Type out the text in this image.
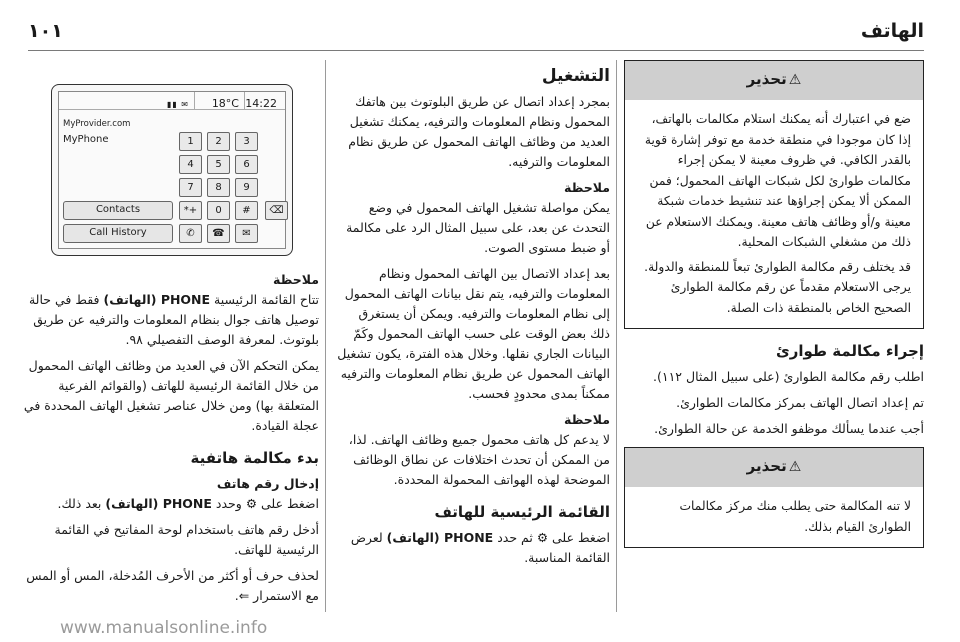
الهاتف
١٠١
⚠تحذير

ضع في اعتبارك أنه يمكنك استلام مكالمات بالهاتف، إذا كان موجودا في منطقة خدمة مع توفر إشارة قوية بالقدر الكافي. في ظروف معينة لا يمكن إجراء مكالمات طوارئ لكل شبكات الهاتف المحمول؛ فمن الممكن ألا يمكن إجراؤها عند تنشيط خدمات شبكة معينة و/أو وظائف هاتف معينة. ويمكنك الاستعلام عن ذلك من مشغلي الشبكات المحلية.

قد يختلف رقم مكالمة الطوارئ تبعاً للمنطقة والدولة. يرجى الاستعلام مقدماً عن رقم مكالمة الطوارئ الصحيح الخاص بالمنطقة ذات الصلة.

إجراء مكالمة طوارئ

اطلب رقم مكالمة الطوارئ (على سبيل المثال ١١٢).

تم إعداد اتصال الهاتف بمركز مكالمات الطوارئ.

أجب عندما يسألك موظفو الخدمة عن حالة الطوارئ.

⚠تحذير

لا تنه المكالمة حتى يطلب منك مركز مكالمات الطوارئ القيام بذلك.

التشغيل

بمجرد إعداد اتصال عن طريق البلوتوث بين هاتفك المحمول ونظام المعلومات والترفيه، يمكنك تشغيل العديد من وظائف الهاتف المحمول عن طريق نظام المعلومات والترفيه.

ملاحظة

يمكن مواصلة تشغيل الهاتف المحمول في وضع التحدث عن بعد، على سبيل المثال الرد على مكالمة أو ضبط مستوى الصوت.

بعد إعداد الاتصال بين الهاتف المحمول ونظام المعلومات والترفيه، يتم نقل بيانات الهاتف المحمول إلى نظام المعلومات والترفيه. ويمكن أن يستغرق ذلك بعض الوقت على حسب الهاتف المحمول وكَمّ البيانات الجاري نقلها. وخلال هذه الفترة، يكون تشغيل الهاتف المحمول عن طريق نظام المعلومات والترفيه ممكناً بمدى محدودٍ فحسب.

ملاحظة

لا يدعم كل هاتف محمول جميع وظائف الهاتف. لذا، من الممكن أن تحدث اختلافات عن نطاق الوظائف الموضحة لهذه الهواتف المحمولة المحددة.

القائمة الرئيسية للهاتف

اضغط على ⚙ ثم حدد PHONE (الهاتف) لعرض القائمة المناسبة.

14:22
18°C
▮▮ ✉
MyProvider.com
MyPhone	1	2	3
4	5	6
7	8	9
*+	0	#	⌫
Contacts
Call History	✆	☎	✉

ملاحظة

تتاح القائمة الرئيسية PHONE (الهاتف) فقط في حالة توصيل هاتف جوال بنظام المعلومات والترفيه عن طريق بلوتوث. لمعرفة الوصف التفصيلي ٩٨.

يمكن التحكم الآن في العديد من وظائف الهاتف المحمول من خلال القائمة الرئيسية للهاتف (والقوائم الفرعية المتعلقة بها) ومن خلال عناصر تشغيل الهاتف المحددة في عجلة القيادة.

بدء مكالمة هاتفية
إدخال رقم هاتف

اضغط على ⚙ وحدد PHONE (الهاتف) بعد ذلك.

أدخل رقم هاتف باستخدام لوحة المفاتيح في القائمة الرئيسية للهاتف.

لحذف حرف أو أكثر من الأحرف المُدخلة، المس أو المس مع الاستمرار ⇐.

www.manualsonline.info
